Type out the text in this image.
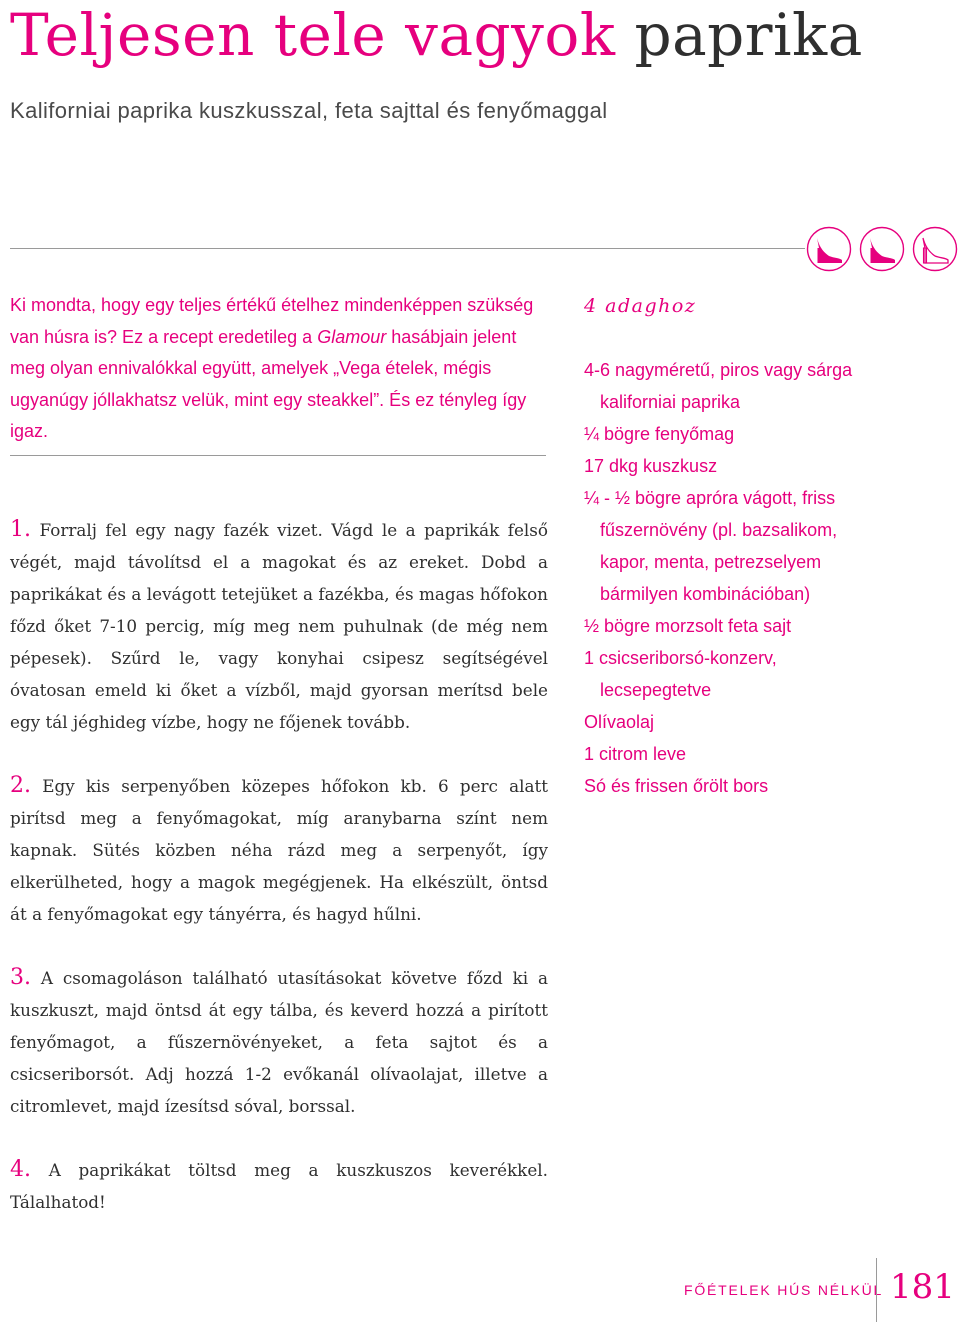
Teljesen tele vagyok paprika

Kaliforniai paprika kuszkusszal, feta sajttal és fenyőmaggal

Ki mondta, hogy egy teljes értékű ételhez mindenképpen szükség van húsra is? Ez a recept eredetileg a Glamour hasábjain jelent meg olyan ennivalókkal együtt, amelyek „Vega ételek, mégis ugyanúgy jóllakhatsz velük, mint egy steakkel”. És ez tényleg így igaz.

1. Forralj fel egy nagy fazék vizet. Vágd le a paprikák felső végét, majd távolítsd el a magokat és az ereket. Dobd a paprikákat és a levágott tetejüket a fazékba, és magas hőfokon főzd őket 7-10 percig, míg meg nem puhulnak (de még nem pépesek). Szűrd le, vagy konyhai csipesz segítségével óvatosan emeld ki őket a vízből, majd gyorsan merítsd bele egy tál jéghideg vízbe, hogy ne főjenek tovább.

2. Egy kis serpenyőben közepes hőfokon kb. 6 perc alatt pirítsd meg a fenyőmagokat, míg aranybarna színt nem kapnak. Sütés közben néha rázd meg a serpenyőt, így elkerülheted, hogy a magok megégjenek. Ha elkészült, öntsd át a fenyőmagokat egy tányérra, és hagyd hűlni.

3. A csomagoláson található utasításokat követve főzd ki a kuszkuszt, majd öntsd át egy tálba, és keverd hozzá a pirított fenyőmagot, a fűszernövényeket, a feta sajtot és a csicseriborsót. Adj hozzá 1-2 evőkanál olívaolajat, illetve a citromlevet, majd ízesítsd sóval, borssal.

4. A paprikákat töltsd meg a kuszkuszos keverékkel. Tálalhatod!

4 adaghoz
4-6 nagyméretű, piros vagy sárga kaliforniai paprika
¼ bögre fenyőmag
17 dkg kuszkusz
¼ - ½ bögre apróra vágott, friss fűszernövény (pl. bazsalikom, kapor, menta, petrezselyem bármilyen kombinációban)
½ bögre morzsolt feta sajt
1 csicseriborsó-konzerv, lecsepegtetve
Olívaolaj
1 citrom leve
Só és frissen őrölt bors
FŐÉTELEK HÚS NÉLKÜL 181
